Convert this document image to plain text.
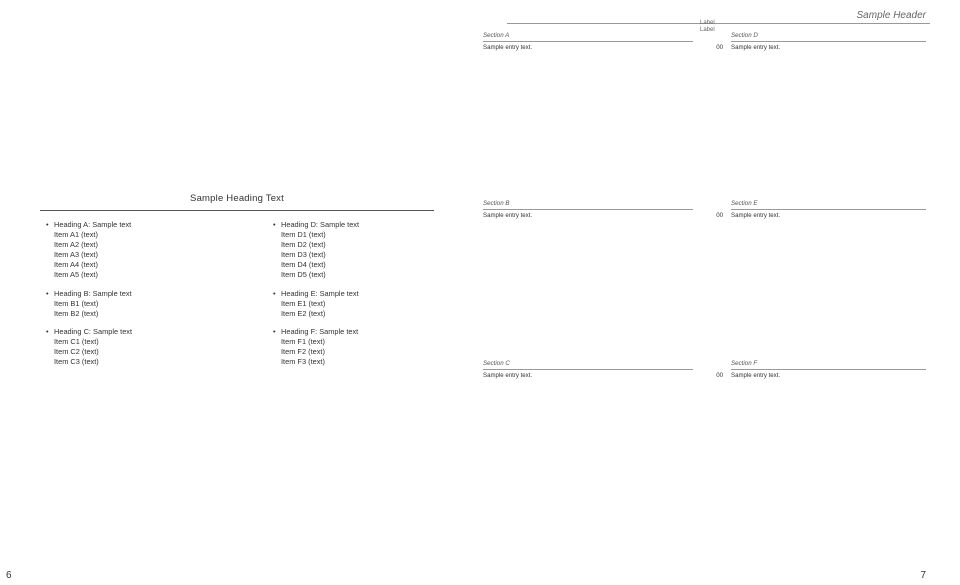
6	7
Sample Header
Label
Label
Sample Heading Text
• Heading A: Sample text
Item A1 (text)
Item A2 (text)
Item A3 (text)
Item A4 (text)
Item A5 (text)
• Heading B: Sample text
Item B1 (text)
Item B2 (text)
• Heading C: Sample text
Item C1 (text)
Item C2 (text)
Item C3 (text)
• Heading D: Sample text
Item D1 (text)
Item D2 (text)
Item D3 (text)
Item D4 (text)
Item D5 (text)
• Heading E: Sample text
Item E1 (text)
Item E2 (text)
• Heading F: Sample text
Item F1 (text)
Item F2 (text)
Item F3 (text)
Section A
Sample entry text.	00
Section B
Sample entry text.	00
Section C
Sample entry text.	00
Section D
Sample entry text.
Section E
Sample entry text.
Section F
Sample entry text.
